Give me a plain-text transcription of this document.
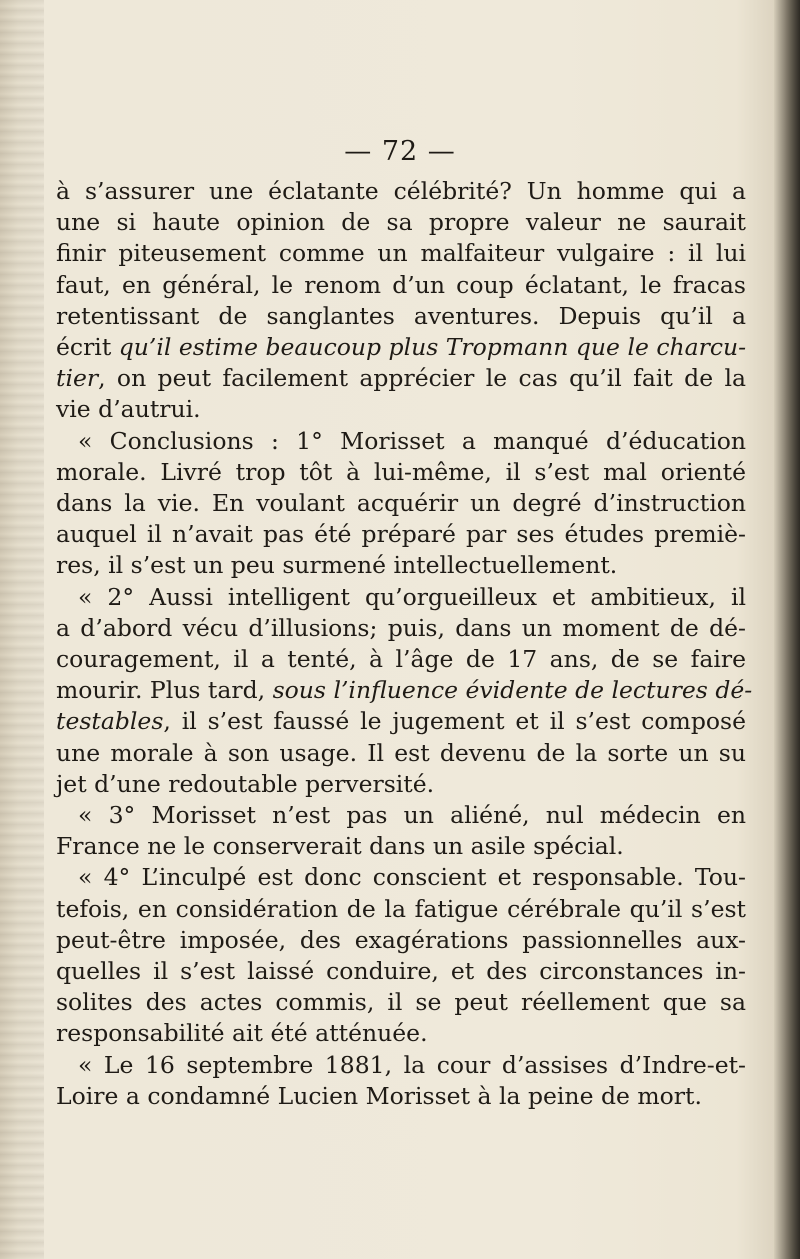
— 72 —
à s’assurer une éclatante célébrité? Un homme qui a
une si haute opinion de sa propre valeur ne saurait
finir piteusement comme un malfaiteur vulgaire : il lui
faut, en général, le renom d’un coup éclatant, le fracas
retentissant de sanglantes aventures. Depuis qu’il a
écrit qu’il estime beaucoup plus Tropmann que le charcu-
tier, on peut facilement apprécier le cas qu’il fait de la
vie d’autrui.
« Conclusions : 1° Morisset a manqué d’éducation
morale. Livré trop tôt à lui-même, il s’est mal orienté
dans la vie. En voulant acquérir un degré d’instruction
auquel il n’avait pas été préparé par ses études premiè-
res, il s’est un peu surmené intellectuellement.
« 2° Aussi intelligent qu’orgueilleux et ambitieux, il
a d’abord vécu d’illusions; puis, dans un moment de dé-
couragement, il a tenté, à l’âge de 17 ans, de se faire
mourir. Plus tard, sous l’influence évidente de lectures dé-
testables, il s’est faussé le jugement et il s’est composé
une morale à son usage. Il est devenu de la sorte un su
jet d’une redoutable perversité.
« 3° Morisset n’est pas un aliéné, nul médecin en
France ne le conserverait dans un asile spécial.
« 4° L’inculpé est donc conscient et responsable. Tou-
tefois, en considération de la fatigue cérébrale qu’il s’est
peut-être imposée, des exagérations passionnelles aux-
quelles il s’est laissé conduire, et des circonstances in-
solites des actes commis, il se peut réellement que sa
responsabilité ait été atténuée.
« Le 16 septembre 1881, la cour d’assises d’Indre-et-
Loire a condamné Lucien Morisset à la peine de mort.
